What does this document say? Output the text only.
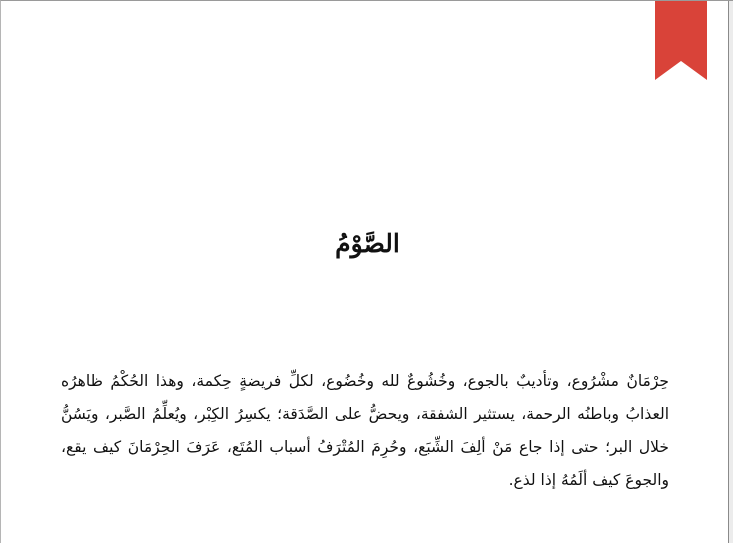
الصَّوْمُ

حِرْمَانٌ مشْرُوع، وتأديبٌ بالجوع، وخُشُوعٌ لله وخُضُوع، لكلِّ فريضةٍ حِكمة، وهذا الحُكْمُ ظاهرُه العذابُ وباطنُه الرحمة، يستثير الشفقة، ويحضُّ على الصَّدَقة؛ يكسِرُ الكِبْر، ويُعلِّمُ الصَّبر، ويَسُنُّ خلال البر؛ حتى إذا جاع مَنْ ألِفَ الشِّبَع، وحُرِمَ المُتْرَفُ أسباب المُتَع، عَرَفَ الحِرْمَانَ كيف يقع، والجوعَ كيف ألَمُهُ إذا لذع.
